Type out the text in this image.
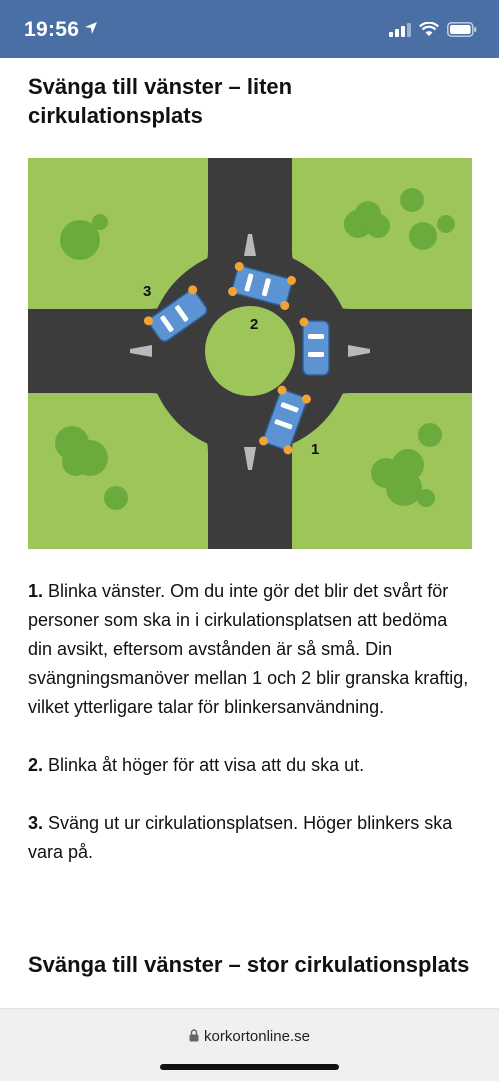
19:56
Svänga till vänster – liten cirkulationsplats
1
2
3

1. Blinka vänster. Om du inte gör det blir det svårt för personer som ska in i cirkulationsplatsen att bedöma din avsikt, eftersom avstånden är så små. Din svängningsmanöver mellan 1 och 2 blir granska kraftig, vilket ytterligare talar för blinkersanvändning.

2. Blinka åt höger för att visa att du ska ut.

3. Sväng ut ur cirkulationsplatsen. Höger blinkers ska vara på.

Svänga till vänster – stor cirkulationsplats
korkortonline.se
